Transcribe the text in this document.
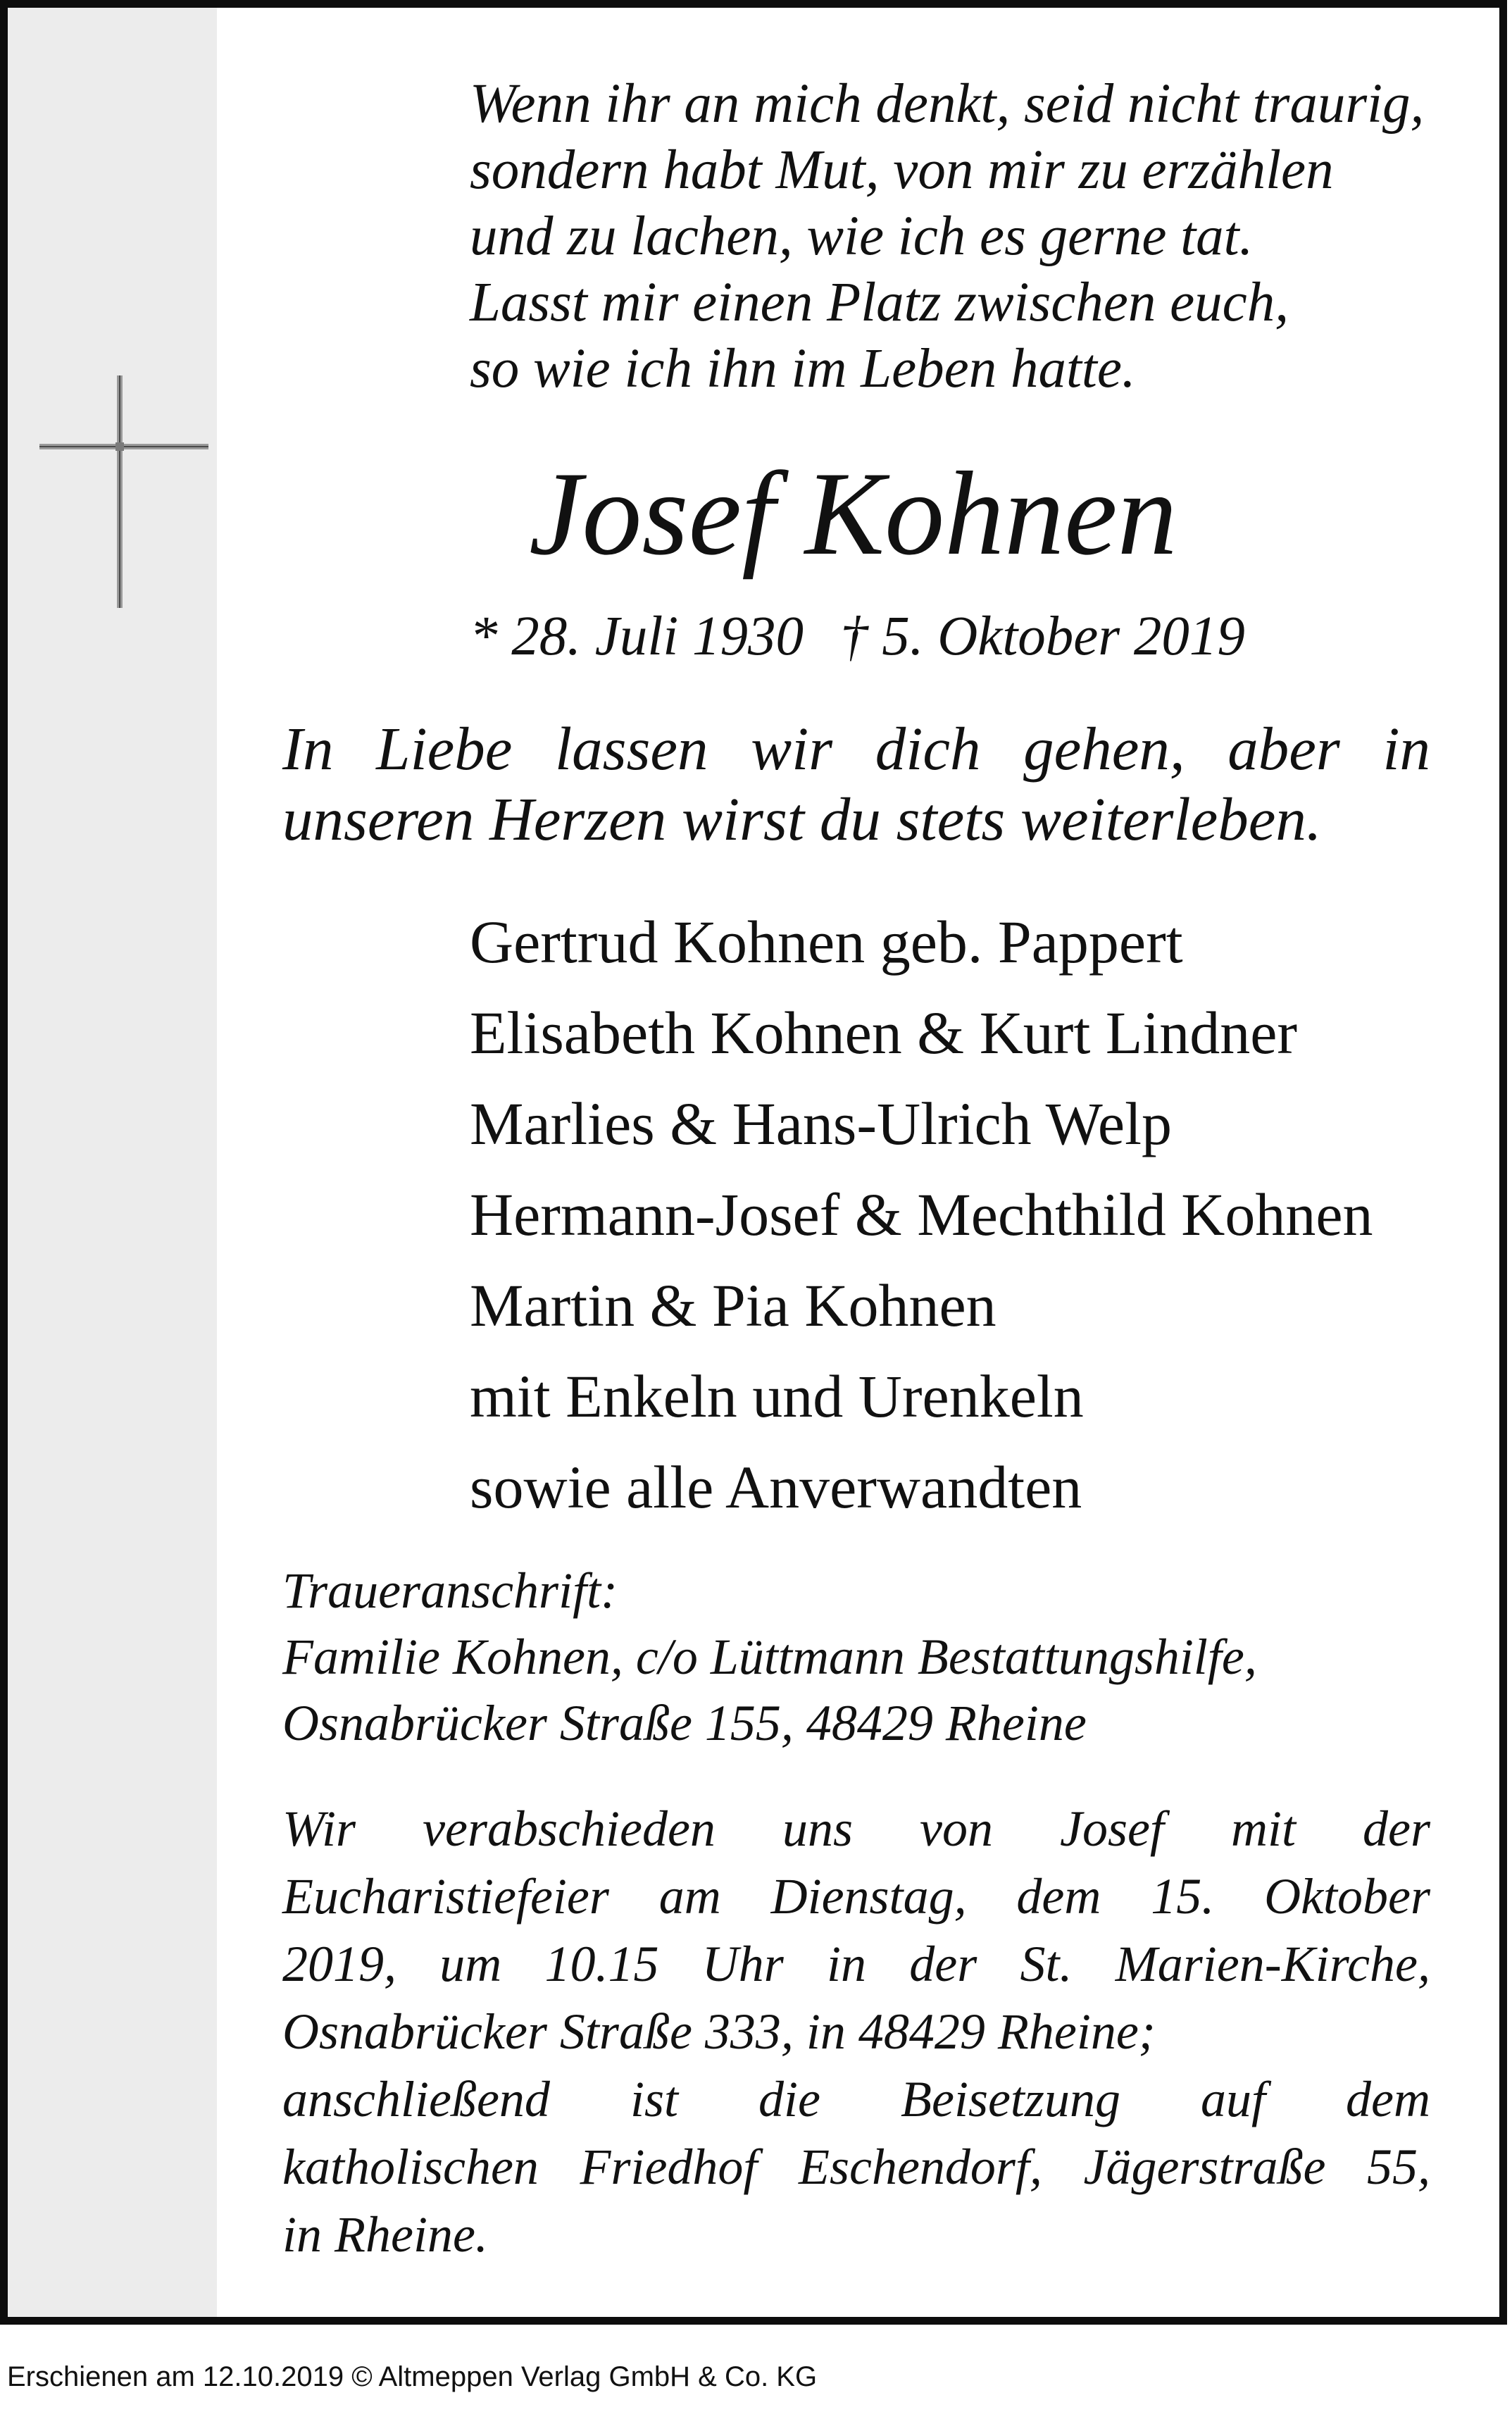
Wenn ihr an mich denkt, seid nicht traurig,
sondern habt Mut, von mir zu erzählen
und zu lachen, wie ich es gerne tat.
Lasst mir einen Platz zwischen euch,
so wie ich ihn im Leben hatte.
Josef Kohnen
* 28. Juli 1930 † 5. Oktober 2019
In Liebe lassen wir dich gehen, aber in
unseren Herzen wirst du stets weiterleben.
Gertrud Kohnen geb. Pappert
Elisabeth Kohnen & Kurt Lindner
Marlies & Hans-Ulrich Welp
Hermann-Josef & Mechthild Kohnen
Martin & Pia Kohnen
mit Enkeln und Urenkeln
sowie alle Anverwandten
Traueranschrift:
Familie Kohnen, c/o Lüttmann Bestattungshilfe,
Osnabrücker Straße 155, 48429 Rheine
Wir verabschieden uns von Josef mit der
Eucharistiefeier am Dienstag, dem 15. Oktober
2019, um 10.15 Uhr in der St. Marien-Kirche,
Osnabrücker Straße 333, in 48429 Rheine;
anschließend ist die Beisetzung auf dem
katholischen Friedhof Eschendorf, Jägerstraße 55,
in Rheine.
Erschienen am 12.10.2019 © Altmeppen Verlag GmbH & Co. KG
